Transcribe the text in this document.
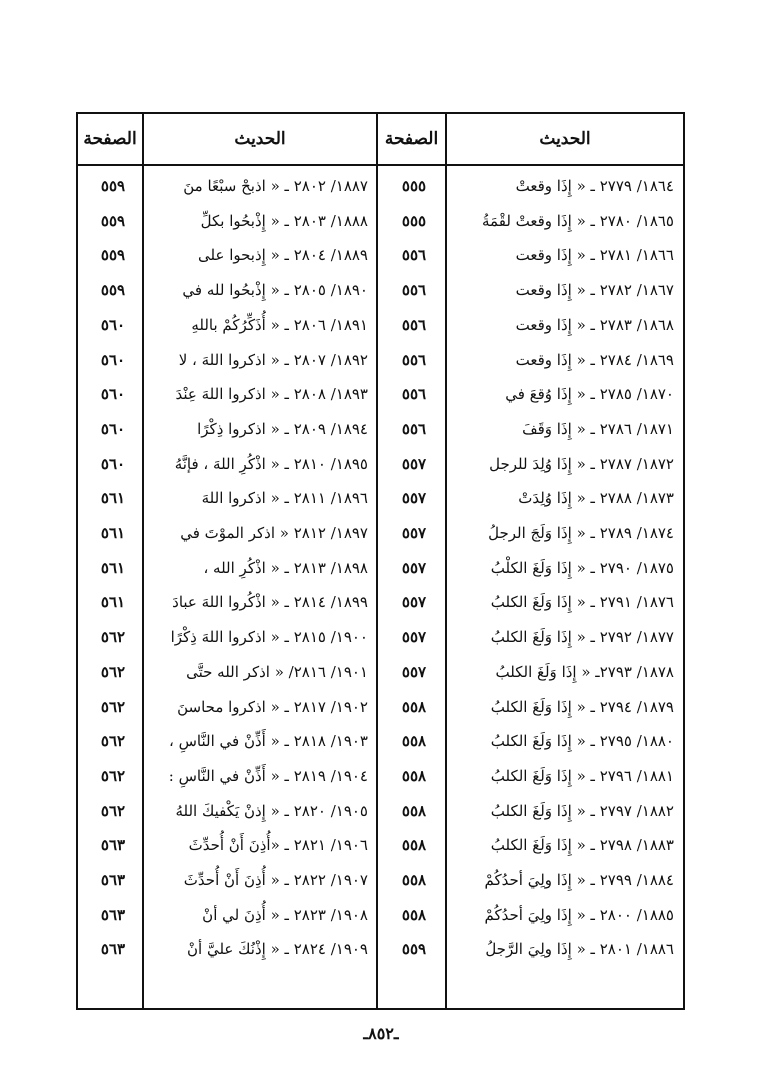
الحديث
الصفحة
الحديث
الصفحة
١٨٦٤/ ٢٧٧٩ ـ « إِذَا وقعتْ
٥٥٥
١٨٨٧/ ٢٨٠٢ ـ « اذبحْ سبْعًا منَ
٥٥٩
١٨٦٥/ ٢٧٨٠ ـ « إِذَا وقعتْ لقْمَةُ
٥٥٥
١٨٨٨/ ٢٨٠٣ ـ « إِذْبحُوا بكلِّ
٥٥٩
١٨٦٦/ ٢٧٨١ ـ « إِذَا وقعت
٥٥٦
١٨٨٩/ ٢٨٠٤ ـ « إِذبحوا على
٥٥٩
١٨٦٧/ ٢٧٨٢ ـ « إِذَا وقعت
٥٥٦
١٨٩٠/ ٢٨٠٥ ـ « إِذْبحُوا لله في
٥٥٩
١٨٦٨/ ٢٧٨٣ ـ « إِذَا وقعت
٥٥٦
١٨٩١/ ٢٨٠٦ ـ « أُذَكِّرُكُمْ باللهِ
٥٦٠
١٨٦٩/ ٢٧٨٤ ـ « إِذَا وقعت
٥٥٦
١٨٩٢/ ٢٨٠٧ ـ « اذكروا اللهَ ، لا
٥٦٠
١٨٧٠/ ٢٧٨٥ ـ « إِذَا وُقعَ في
٥٥٦
١٨٩٣/ ٢٨٠٨ ـ « اذكروا اللهَ عِنْدَ
٥٦٠
١٨٧١/ ٢٧٨٦ ـ « إِذَا وَقَفَ
٥٥٦
١٨٩٤/ ٢٨٠٩ ـ « اذكروا ذِكْرًا
٥٦٠
١٨٧٢/ ٢٧٨٧ ـ « إِذَا وُلِدَ للرجل
٥٥٧
١٨٩٥/ ٢٨١٠ ـ « اذْكُرِ اللهَ ، فإنَّهُ
٥٦٠
١٨٧٣/ ٢٧٨٨ ـ « إِذَا وُلِدَتْ
٥٥٧
١٨٩٦/ ٢٨١١ ـ « اذكروا اللهَ
٥٦١
١٨٧٤/ ٢٧٨٩ ـ « إِذَا وَلَجَ الرجلُ
٥٥٧
١٨٩٧/ ٢٨١٢ « اذكر الموْتَ في
٥٦١
١٨٧٥/ ٢٧٩٠ ـ « إِذَا وَلَغَ الكلْبُ
٥٥٧
١٨٩٨/ ٢٨١٣ ـ « اذْكُرِ الله ،
٥٦١
١٨٧٦/ ٢٧٩١ ـ « إِذَا وَلَغَ الكلبُ
٥٥٧
١٨٩٩/ ٢٨١٤ ـ « اذْكُروا اللهَ عبادَ
٥٦١
١٨٧٧/ ٢٧٩٢ ـ « إِذَا وَلَغَ الكلبُ
٥٥٧
١٩٠٠/ ٢٨١٥ ـ « اذكروا اللهَ ذِكْرًا
٥٦٢
١٨٧٨/ ٢٧٩٣ـ « إِذَا وَلَغَ الكلبُ
٥٥٧
١٩٠١/ ٢٨١٦/ « اذكر الله حتَّى
٥٦٢
١٨٧٩/ ٢٧٩٤ ـ « إِذَا وَلَغَ الكلبُ
٥٥٨
١٩٠٢/ ٢٨١٧ ـ « اذكروا محاسنَ
٥٦٢
١٨٨٠/ ٢٧٩٥ ـ « إِذَا وَلَغَ الكلبُ
٥٥٨
١٩٠٣/ ٢٨١٨ ـ « أَذِّنْ في النَّاسِ ،
٥٦٢
١٨٨١/ ٢٧٩٦ ـ « إِذَا وَلَغَ الكلبُ
٥٥٨
١٩٠٤/ ٢٨١٩ ـ « أَذِّنْ في النَّاسِ :
٥٦٢
١٨٨٢/ ٢٧٩٧ ـ « إِذَا وَلَغَ الكلبُ
٥٥٨
١٩٠٥/ ٢٨٢٠ ـ « إِذنْ يَكْفيكَ اللهُ
٥٦٢
١٨٨٣/ ٢٧٩٨ ـ « إِذَا وَلَغَ الكلبُ
٥٥٨
١٩٠٦/ ٢٨٢١ ـ «أُذِنَ أَنْ أُحدِّثَ
٥٦٣
١٨٨٤/ ٢٧٩٩ ـ « إِذَا ولِيَ أحدُكُمْ
٥٥٨
١٩٠٧/ ٢٨٢٢ ـ « أُذِنَ أَنْ أُحدِّثَ
٥٦٣
١٨٨٥/ ٢٨٠٠ ـ « إِذَا ولِيَ أحدُكُمْ
٥٥٨
١٩٠٨/ ٢٨٢٣ ـ « أُذِنَ لي أنْ
٥٦٣
١٨٨٦/ ٢٨٠١ ـ « إِذَا ولِيَ الرَّجلُ
٥٥٩
١٩٠٩/ ٢٨٢٤ ـ « إِذْنُكَ عليَّ أنْ
٥٦٣
ـ٨٥٢ـ
